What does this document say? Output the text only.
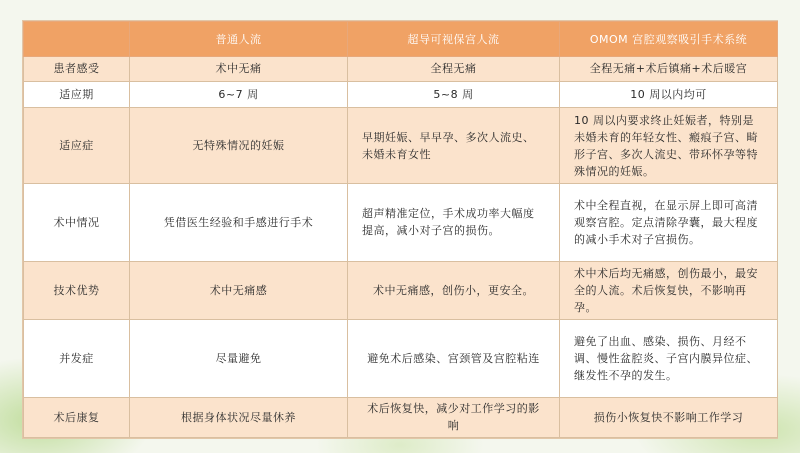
	普通人流	超导可视保宫人流	OMOM 宫腔观察吸引手术系统
患者感受	术中无痛	全程无痛	全程无痛+术后镇痛+术后暖宫
适应期	6~7 周	5~8 周	10 周以内均可
适应症	无特殊情况的妊娠	早期妊娠、早早孕、多次人流史、未婚未育女性	10 周以内要求终止妊娠者，特别是未婚未育的年轻女性、瘢痕子宫、畸形子宫、多次人流史、带环怀孕等特殊情况的妊娠。
术中情况	凭借医生经验和手感进行手术	超声精准定位，手术成功率大幅度提高，减小对子宫的损伤。	术中全程直视，在显示屏上即可高清观察宫腔。定点清除孕囊，最大程度的减小手术对子宫损伤。
技术优势	术中无痛感	术中无痛感，创伤小，更安全。	术中术后均无痛感，创伤最小，最安全的人流。术后恢复快，不影响再孕。
并发症	尽量避免	避免术后感染、宫颈管及宫腔粘连	避免了出血、感染、损伤、月经不调、慢性盆腔炎、子宫内膜异位症、继发性不孕的发生。
术后康复	根据身体状况尽量休养	术后恢复快，减少对工作学习的影响	损伤小恢复快不影响工作学习
